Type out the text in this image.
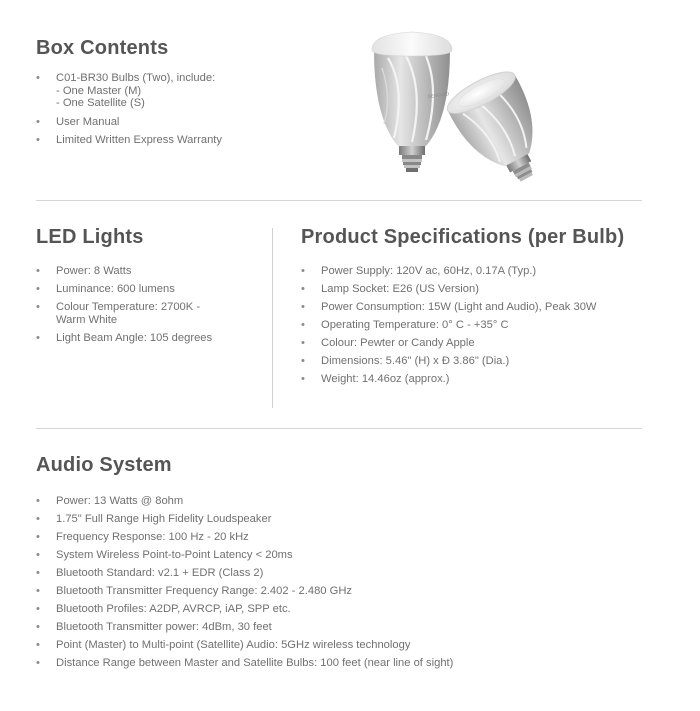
Box Contents
• C01-BR30 Bulbs (Two), include:
- One Master (M)
- One Satellite (S)
• User Manual
• Limited Written Express Warranty
SENGLED
LED Lights
• Power: 8 Watts
• Luminance: 600 lumens
• Colour Temperature: 2700K -
Warm White
• Light Beam Angle: 105 degrees
Product Specifications (per Bulb)
• Power Supply: 120V ac, 60Hz, 0.17A (Typ.)
• Lamp Socket: E26 (US Version)
• Power Consumption: 15W (Light and Audio), Peak 30W
• Operating Temperature: 0° C - +35° C
• Colour: Pewter or Candy Apple
• Dimensions: 5.46" (H) x Ð 3.86" (Dia.)
• Weight: 14.46oz (approx.)
Audio System
• Power: 13 Watts @ 8ohm
• 1.75" Full Range High Fidelity Loudspeaker
• Frequency Response: 100 Hz - 20 kHz
• System Wireless Point-to-Point Latency < 20ms
• Bluetooth Standard: v2.1 + EDR (Class 2)
• Bluetooth Transmitter Frequency Range: 2.402 - 2.480 GHz
• Bluetooth Profiles: A2DP, AVRCP, iAP, SPP etc.
• Bluetooth Transmitter power: 4dBm, 30 feet
• Point (Master) to Multi-point (Satellite) Audio: 5GHz wireless technology
• Distance Range between Master and Satellite Bulbs: 100 feet (near line of sight)
